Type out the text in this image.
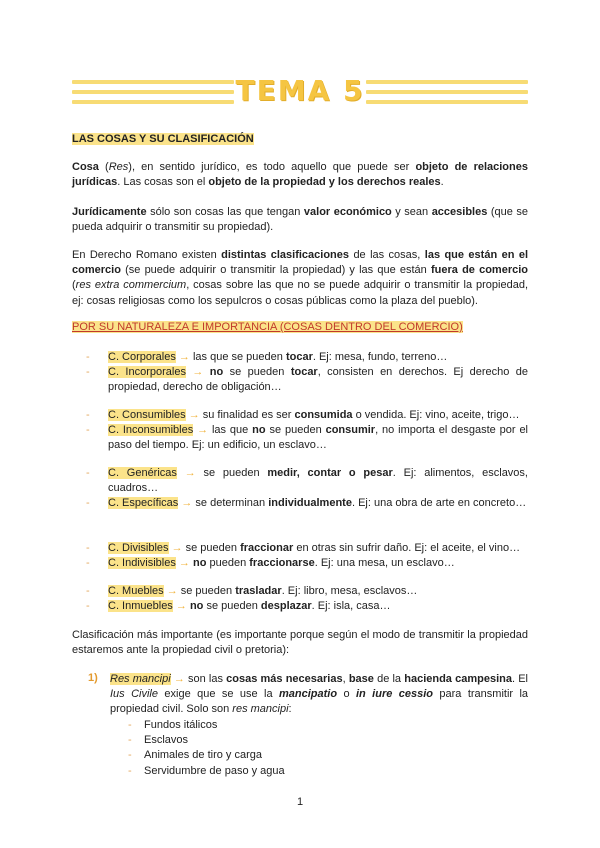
TEMA 5
LAS COSAS Y SU CLASIFICACIÓN
Cosa (Res), en sentido jurídico, es todo aquello que puede ser objeto de relaciones jurídicas. Las cosas son el objeto de la propiedad y los derechos reales.
Jurídicamente sólo son cosas las que tengan valor económico y sean accesibles (que se pueda adquirir o transmitir su propiedad).
En Derecho Romano existen distintas clasificaciones de las cosas, las que están en el comercio (se puede adquirir o transmitir la propiedad) y las que están fuera de comercio (res extra commercium, cosas sobre las que no se puede adquirir o transmitir la propiedad, ej: cosas religiosas como los sepulcros o cosas públicas como la plaza del pueblo).
POR SU NATURALEZA E IMPORTANCIA (COSAS DENTRO DEL COMERCIO)
- C. Corporales → las que se pueden tocar. Ej: mesa, fundo, terreno…
- C. Incorporales → no se pueden tocar, consisten en derechos. Ej derecho de propiedad, derecho de obligación…
- C. Consumibles → su finalidad es ser consumida o vendida. Ej: vino, aceite, trigo…
- C. Inconsumibles → las que no se pueden consumir, no importa el desgaste por el paso del tiempo. Ej: un edificio, un esclavo…
- C. Genéricas → se pueden medir, contar o pesar. Ej: alimentos, esclavos, cuadros…
- C. Específicas → se determinan individualmente. Ej: una obra de arte en concreto…
- C. Divisibles → se pueden fraccionar en otras sin sufrir daño. Ej: el aceite, el vino…
- C. Indivisibles → no pueden fraccionarse. Ej: una mesa, un esclavo…
- C. Muebles → se pueden trasladar. Ej: libro, mesa, esclavos…
- C. Inmuebles → no se pueden desplazar. Ej: isla, casa…
Clasificación más importante (es importante porque según el modo de transmitir la propiedad estaremos ante la propiedad civil o pretoria):
1) Res mancipi → son las cosas más necesarias, base de la hacienda campesina. El Ius Civile exige que se use la mancipatio o in iure cessio para transmitir la propiedad civil. Solo son res mancipi:
- Fundos itálicos
- Esclavos
- Animales de tiro y carga
- Servidumbre de paso y agua
1
